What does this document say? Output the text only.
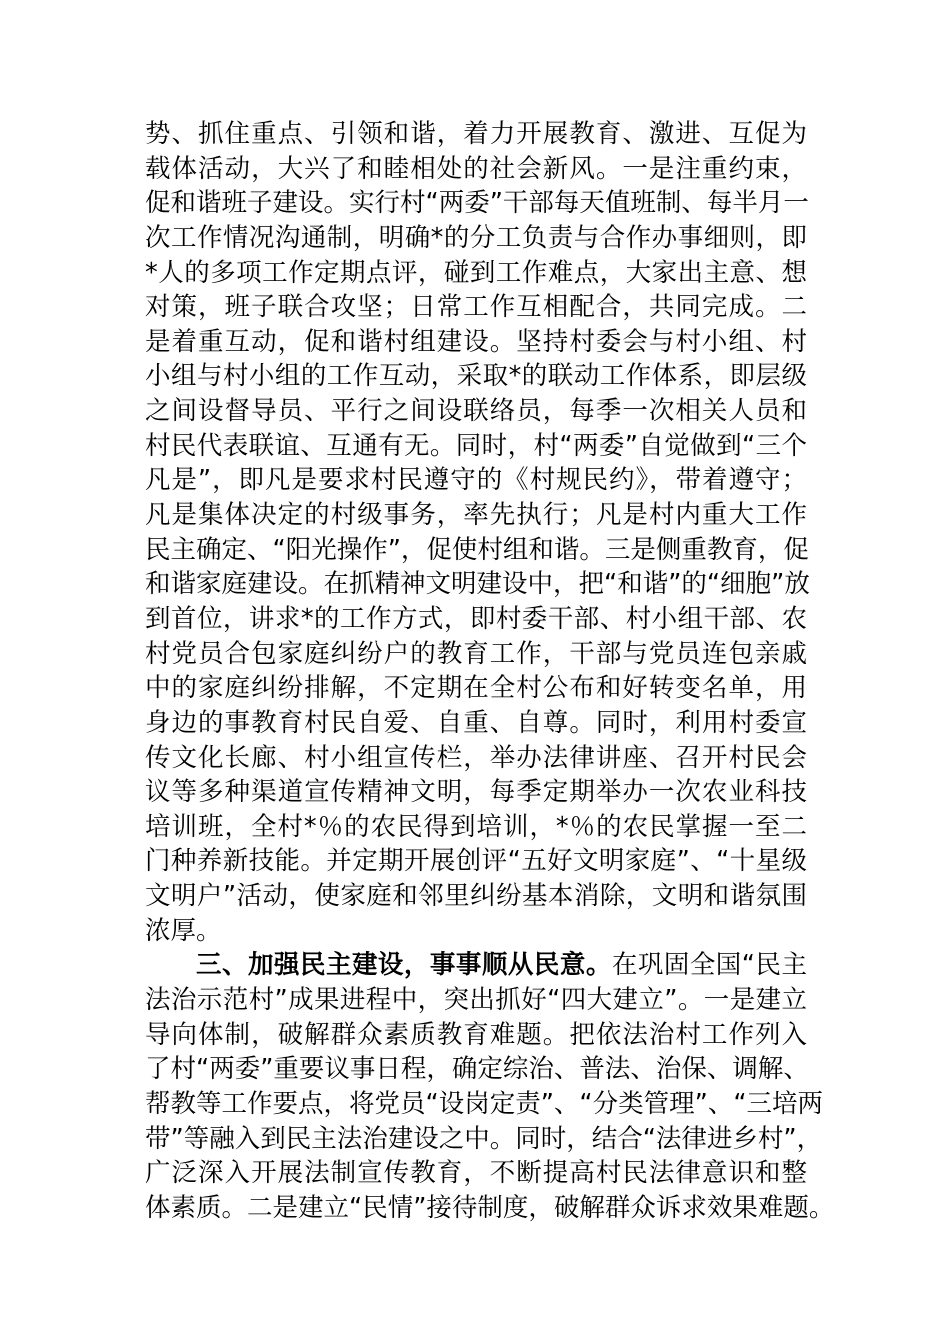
势、抓住重点、引领和谐，着力开展教育、激进、互促为
载体活动，大兴了和睦相处的社会新风。一是注重约束，
促和谐班子建设。实行村“两委”干部每天值班制、每半月一
次工作情况沟通制，明确*的分工负责与合作办事细则，即
*人的多项工作定期点评，碰到工作难点，大家出主意、想
对策，班子联合攻坚；日常工作互相配合，共同完成。二
是着重互动，促和谐村组建设。坚持村委会与村小组、村
小组与村小组的工作互动，采取*的联动工作体系，即层级
之间设督导员、平行之间设联络员，每季一次相关人员和
村民代表联谊、互通有无。同时，村“两委”自觉做到“三个
凡是”，即凡是要求村民遵守的《村规民约》，带着遵守；
凡是集体决定的村级事务，率先执行；凡是村内重大工作
民主确定、“阳光操作”，促使村组和谐。三是侧重教育，促
和谐家庭建设。在抓精神文明建设中，把“和谐”的“细胞”放
到首位，讲求*的工作方式，即村委干部、村小组干部、农
村党员合包家庭纠纷户的教育工作，干部与党员连包亲戚
中的家庭纠纷排解，不定期在全村公布和好转变名单，用
身边的事教育村民自爱、自重、自尊。同时，利用村委宣
传文化长廊、村小组宣传栏，举办法律讲座、召开村民会
议等多种渠道宣传精神文明，每季定期举办一次农业科技
培训班，全村*％的农民得到培训，*％的农民掌握一至二
门种养新技能。并定期开展创评“五好文明家庭”、“十星级
文明户”活动，使家庭和邻里纠纷基本消除，文明和谐氛围
浓厚。
三、加强民主建设，事事顺从民意。在巩固全国“民主
法治示范村”成果进程中，突出抓好“四大建立”。一是建立
导向体制，破解群众素质教育难题。把依法治村工作列入
了村“两委”重要议事日程，确定综治、普法、治保、调解、
帮教等工作要点，将党员“设岗定责”、“分类管理”、“三培两
带”等融入到民主法治建设之中。同时，结合“法律进乡村”，
广泛深入开展法制宣传教育，不断提高村民法律意识和整
体素质。二是建立“民情”接待制度，破解群众诉求效果难题。
